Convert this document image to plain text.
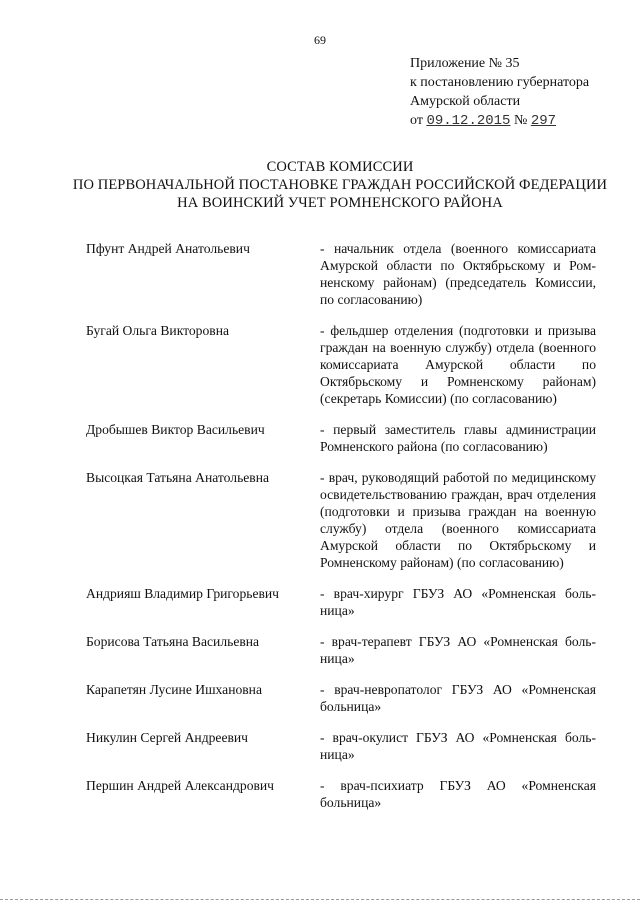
69
Приложение № 35
к постановлению губернатора
Амурской области
от 09.12.2015 № 297
СОСТАВ КОМИССИИ
ПО ПЕРВОНАЧАЛЬНОЙ ПОСТАНОВКЕ ГРАЖДАН РОССИЙСКОЙ ФЕДЕРАЦИИ
НА ВОИНСКИЙ УЧЕТ РОМНЕНСКОГО РАЙОНА
Пфунт Андрей Анатольевич	- начальник отдела (военного комиссариата Амурской области по Октябрьскому и Ромненскому районам) (председатель Комиссии, по согласованию)
Бугай Ольга Викторовна	- фельдшер отделения (подготовки и призыва граждан на военную службу) отдела (военного комиссариата Амурской области по Октябрьскому и Ромненскому районам) (секретарь Комиссии) (по согласованию)
Дробышев Виктор Васильевич	- первый заместитель главы администрации Ромненского района (по согласованию)
Высоцкая Татьяна Анатольевна	- врач, руководящий работой по медицинскому освидетельствованию граждан, врач отделения (подготовки и призыва граждан на военную службу) отдела (военного комиссариата Амурской области по Октябрьскому и Ромненскому районам) (по согласованию)
Андрияш Владимир Григорьевич	- врач-хирург ГБУЗ АО «Ромненская больница»
Борисова Татьяна Васильевна	- врач-терапевт ГБУЗ АО «Ромненская больница»
Карапетян Лусине Ишхановна	- врач-невропатолог ГБУЗ АО «Ромненская больница»
Никулин Сергей Андреевич	- врач-окулист ГБУЗ АО «Ромненская больница»
Першин Андрей Александрович	- врач-психиатр ГБУЗ АО «Ромненская больница»
